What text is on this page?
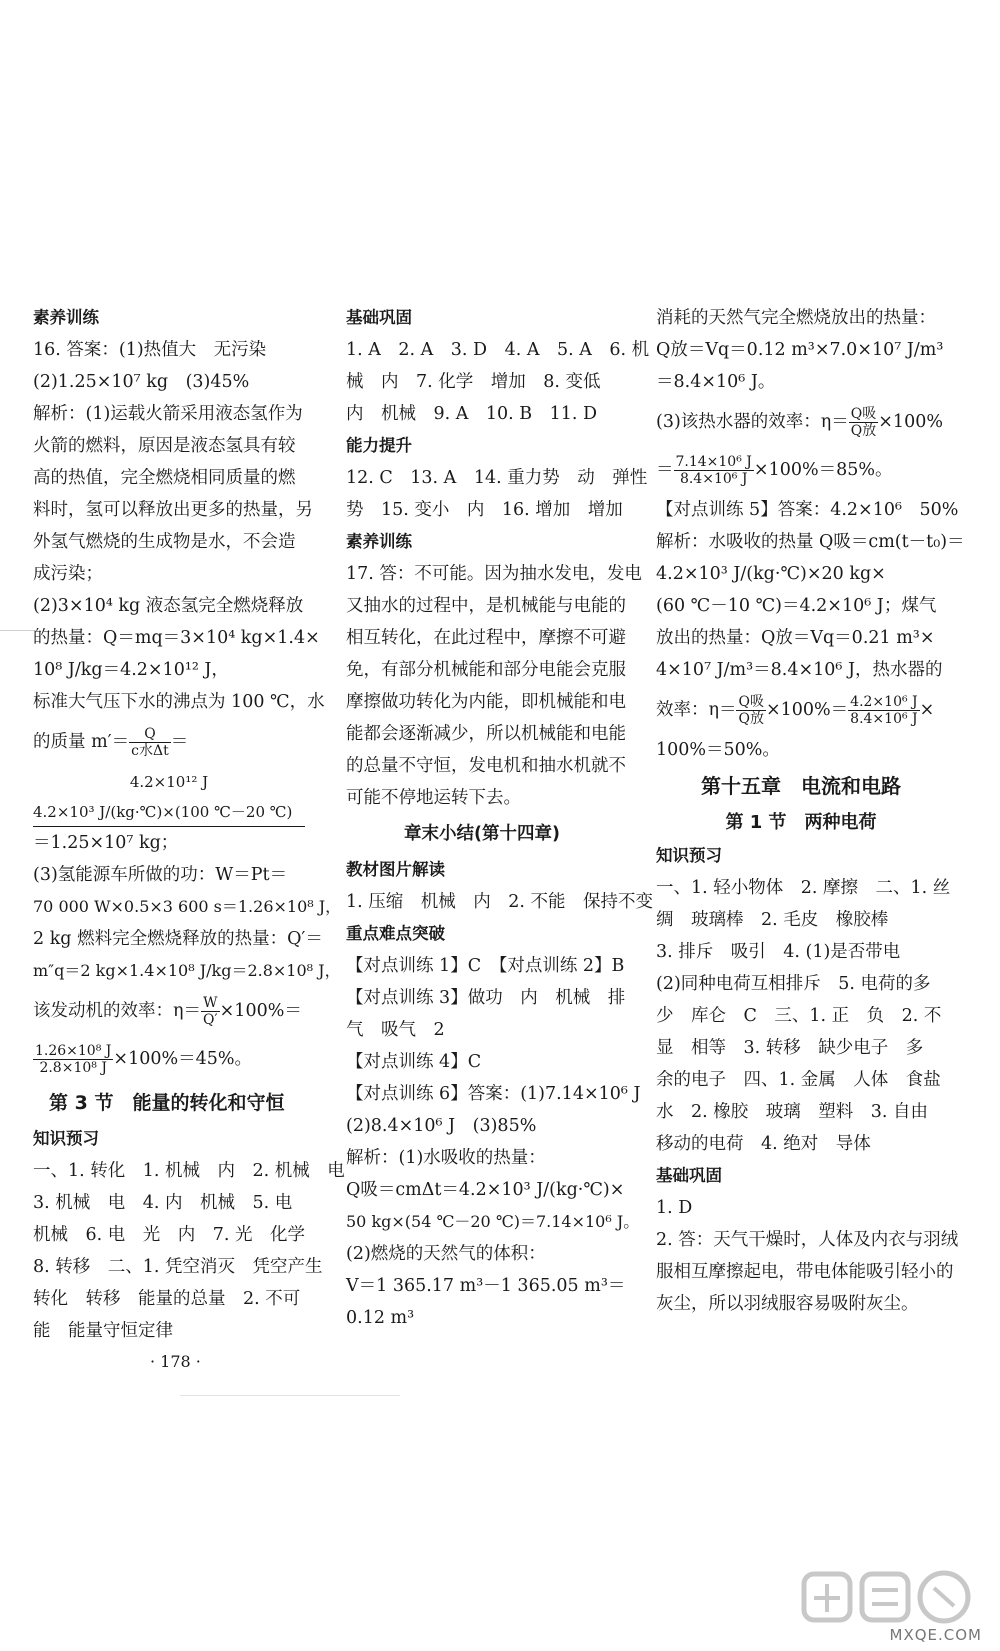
素养训练
16. 答案：(1)热值大　无污染
(2)1.25×10⁷ kg　(3)45%
解析：(1)运载火箭采用液态氢作为
火箭的燃料，原因是液态氢具有较
高的热值，完全燃烧相同质量的燃
料时，氢可以释放出更多的热量，另
外氢气燃烧的生成物是水，不会造
成污染；
(2)3×10⁴ kg 液态氢完全燃烧释放
的热量：Q＝mq＝3×10⁴ kg×1.4×
10⁸ J/kg＝4.2×10¹² J，
标准大气压下水的沸点为 100 ℃，水
的质量 $m'= \frac{Q}{\text{c水Δt}}$ ＝
4.2×10¹² J
4.2×10³ J/(kg·℃)×(100 ℃－20 ℃)
＝1.25×10⁷ kg；
(3)氢能源车所做的功：W＝Pt＝
70 000 W×0.5×3 600 s＝1.26×10⁸ J，
2 kg 燃料完全燃烧释放的热量：Q′＝
m″q＝2 kg×1.4×10⁸ J/kg＝2.8×10⁸ J，
该发动机的效率：$\eta= \frac{W}{Q'} \times 100\%=$
$\frac{\text{1.26×10⁸ J}}{\text{2.8×10⁸ J}} \times 100\%=45\%$。
第 3 节　能量的转化和守恒
知识预习
一、1. 转化　1. 机械　内　2. 机械　电
3. 机械　电　4. 内　机械　5. 电
机械　6. 电　光　内　7. 光　化学
8. 转移　二、1. 凭空消灭　凭空产生
转化　转移　能量的总量　2. 不可
能　能量守恒定律
基础巩固
1. A　2. A　3. D　4. A　5. A　6. 机
械　内　7. 化学　增加　8. 变低
内　机械　9. A　10. B　11. D
能力提升
12. C　13. A　14. 重力势　动　弹性
势　15. 变小　内　16. 增加　增加
素养训练
17. 答：不可能。因为抽水发电，发电
又抽水的过程中，是机械能与电能的
相互转化，在此过程中，摩擦不可避
免，有部分机械能和部分电能会克服
摩擦做功转化为内能，即机械能和电
能都会逐渐减少，所以机械能和电能
的总量不守恒，发电机和抽水机就不
可能不停地运转下去。
章末小结(第十四章)
教材图片解读
1. 压缩　机械　内　2. 不能　保持不变
重点难点突破
【对点训练 1】C　【对点训练 2】B
【对点训练 3】做功　内　机械　排
气　吸气　2
【对点训练 4】C
【对点训练 6】答案：(1)7.14×10⁶ J
(2)8.4×10⁶ J　(3)85%
解析：(1)水吸收的热量：
Q吸＝cmΔt＝4.2×10³ J/(kg·℃)×
50 kg×(54 ℃－20 ℃)＝7.14×10⁶ J。
(2)燃烧的天然气的体积：
V＝1 365.17 m³－1 365.05 m³＝
0.12 m³
消耗的天然气完全燃烧放出的热量：
Q放＝Vq＝0.12 m³×7.0×10⁷ J/m³
＝8.4×10⁶ J。
(3)该热水器的效率：$\eta= \frac{\text{Q吸}}{\text{Q放}} \times 100\%$
＝ $\frac{\text{7.14×10⁶ J}}{\text{8.4×10⁶ J}} \times 100\%=85\%$。
【对点训练 5】答案：4.2×10⁶　50%
解析：水吸收的热量 Q吸＝cm(t－t₀)＝
4.2×10³ J/(kg·℃)×20 kg×
(60 ℃－10 ℃)＝4.2×10⁶ J；煤气
放出的热量：Q放＝Vq＝0.21 m³×
4×10⁷ J/m³＝8.4×10⁶ J，热水器的
效率：$\eta= \frac{\text{Q吸}}{\text{Q放}} \times 100\%= \frac{\text{4.2×10⁶ J}}{\text{8.4×10⁶ J}}$ ×
100%＝50%。
第十五章　电流和电路
第 1 节　两种电荷
知识预习
一、1. 轻小物体　2. 摩擦　二、1. 丝
绸　玻璃棒　2. 毛皮　橡胶棒
3. 排斥　吸引　4. (1)是否带电
(2)同种电荷互相排斥　5. 电荷的多
少　库仑　C　三、1. 正　负　2. 不
显　相等　3. 转移　缺少电子　多
余的电子　四、1. 金属　人体　食盐
水　2. 橡胶　玻璃　塑料　3. 自由
移动的电荷　4. 绝对　导体
基础巩固
1. D
2. 答：天气干燥时，人体及内衣与羽绒
服相互摩擦起电，带电体能吸引轻小的
灰尘，所以羽绒服容易吸附灰尘。
· 178 ·
MXQE.COM
